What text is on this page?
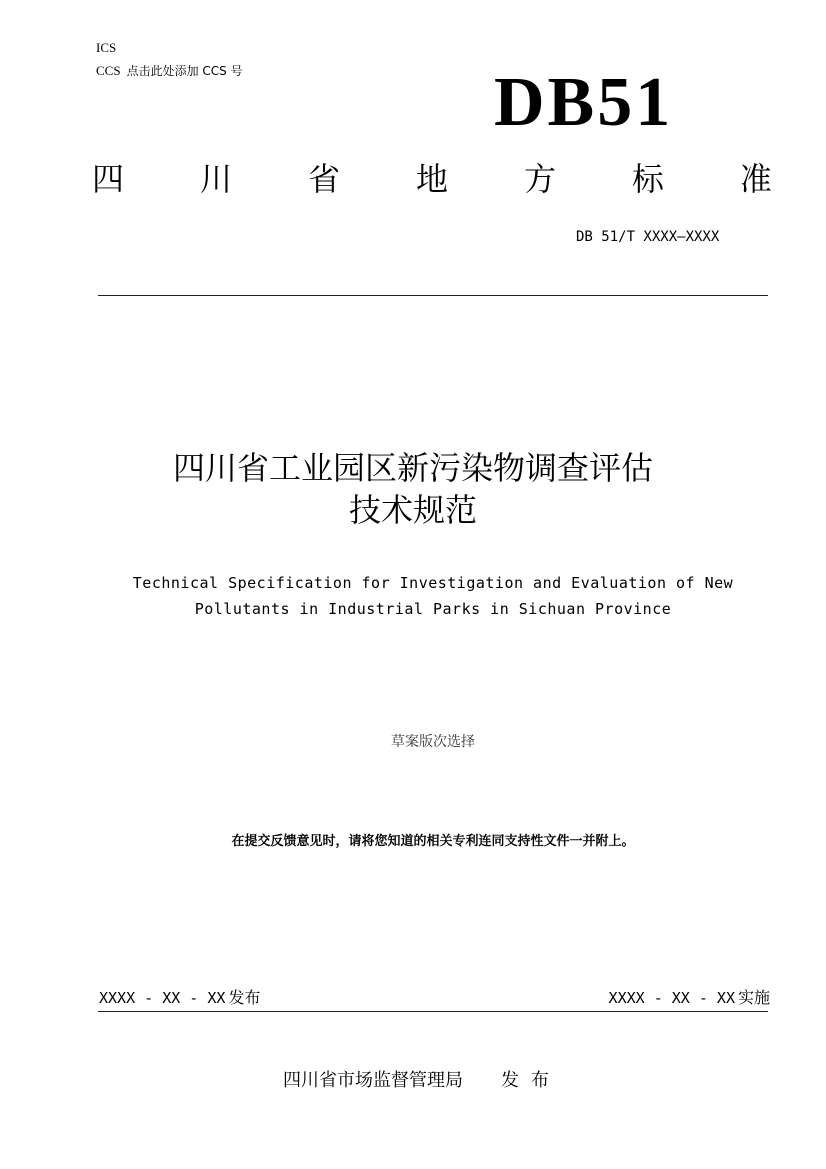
ICS
CCS 点击此处添加 CCS 号	DB51
四 川 省 地 方 标 准
DB 51/T XXXX—XXXX
四川省工业园区新污染物调查评估
技术规范
Technical Specification for Investigation and Evaluation of New
Pollutants in Industrial Parks in Sichuan Province
草案版次选择
在提交反馈意见时，请将您知道的相关专利连同支持性文件一并附上。
XXXX - XX - XX 发布	XXXX - XX - XX 实施
四川省市场监督管理局 发布
